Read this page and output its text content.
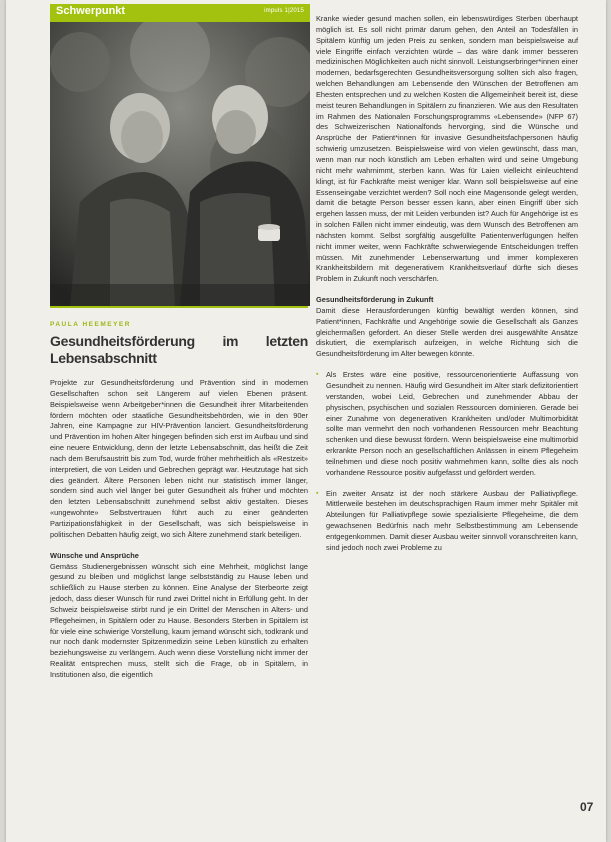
Schwerpunkt	impuls 1|2015
PAULA HEEMEYER
Gesundheitsförderung im letzten Lebensabschnitt

Projekte zur Gesundheitsförderung und Prävention sind in modernen Gesellschaften schon seit Längerem auf vielen Ebenen präsent. Beispielsweise wenn Arbeitgeber*innen die Gesundheit ihrer Mitarbeitenden fördern möchten oder staatliche Gesundheitsbehörden, wie in den 90er Jahren, eine Kampagne zur HIV-Prävention lanciert. Gesundheitsförderung und Prävention im hohen Alter hingegen befinden sich erst im Aufbau und sind eine neuere Entwicklung, denn der letzte Lebensabschnitt, das heißt die Zeit nach dem Berufsaustritt bis zum Tod, wurde früher mehrheitlich als «Restzeit» interpretiert, die von Leiden und Gebrechen geprägt war. Heutzutage hat sich dies geändert. Ältere Personen leben nicht nur statistisch immer länger, sondern sind auch viel länger bei guter Gesundheit als früher und möchten den letzten Lebensabschnitt zunehmend selbst aktiv gestalten. Dieses «ungewohnte» Selbstvertrauen führt auch zu einer geänderten Partizipationsfähigkeit in der Gesellschaft, was sich beispielsweise in politischen Debatten häufig zeigt, wo sich Ältere zunehmend stark beteiligen.

Wünsche und Ansprüche

Gemäss Studienergebnissen wünscht sich eine Mehrheit, möglichst lange gesund zu bleiben und möglichst lange selbstständig zu Hause leben und schließlich zu Hause sterben zu können. Eine Analyse der Sterbeorte zeigt jedoch, dass dieser Wunsch für rund zwei Drittel nicht in Erfüllung geht. In der Schweiz beispielsweise stirbt rund je ein Drittel der Menschen in Alters- und Pflegeheimen, in Spitälern oder zu Hause. Besonders Sterben in Spitälern ist für viele eine schwierige Vorstellung, kaum jemand wünscht sich, todkrank und nur noch dank modernster Spitzenmedizin seine Leben künstlich zu erhalten beziehungsweise zu verlängern. Auch wenn diese Vorstellung nicht immer der Realität entsprechen muss, stellt sich die Frage, ob in Spitälern, in Institutionen also, die eigentlich

Kranke wieder gesund machen sollen, ein lebenswürdiges Sterben überhaupt möglich ist. Es soll nicht primär darum gehen, den Anteil an Todesfällen in Spitälern künftig um jeden Preis zu senken, sondern man beispielsweise auf viele Eingriffe einfach verzichten würde – das wäre dank immer besseren medizinischen Möglichkeiten auch nicht sinnvoll. Leistungserbringer*innen einer modernen, bedarfsgerechten Gesundheitsversorgung sollten sich also fragen, welchen Behandlungen am Lebensende den Wünschen der Betroffenen am Ehesten entsprechen und zu welchen Kosten die Allgemeinheit bereit ist, diese meist teuren Behandlungen in Spitälern zu finanzieren. Wie aus den Resultaten im Rahmen des Nationalen Forschungsprogramms «Lebensende» (NFP 67) des Schweizerischen Nationalfonds hervorging, sind die Wünsche und Ansprüche der Patient*innen für invasive Gesundheitsfachpersonen häufig schwierig umzusetzen. Beispielsweise wird von vielen gewünscht, dass man, wenn man nur noch künstlich am Leben erhalten wird und seine Umgebung nicht mehr wahrnimmt, sterben kann. Was für Laien vielleicht einleuchtend klingt, ist für Fachkräfte meist weniger klar. Wann soll beispielsweise auf eine Essenseingabe verzichtet werden? Soll noch eine Magensonde gelegt werden, damit die betagte Person besser essen kann, aber einen Eingriff über sich ergehen lassen muss, der mit Leiden verbunden ist? Auch für Angehörige ist es in solchen Fällen nicht immer eindeutig, was dem Wunsch des Betroffenen am nächsten kommt. Selbst sorgfältig ausgefüllte Patientenverfügungen helfen nicht immer weiter, wenn Fachkräfte schwerwiegende Entscheidungen treffen müssen. Mit zunehmender Lebenserwartung und immer komplexeren Krankheitsbildern mit degenerativem Krankheitsverlauf dürfte sich dieses Problem in Zukunft noch verschärfen.

Gesundheitsförderung in Zukunft

Damit diese Herausforderungen künftig bewältigt werden können, sind Patient*innen, Fachkräfte und Angehörige sowie die Gesellschaft als Ganzes gleichermaßen gefordert. An dieser Stelle werden drei ausgewählte Ansätze diskutiert, die exemplarisch aufzeigen, in welche Richtung sich die Gesundheitsförderung im Alter bewegen könnte.

▪ Als Erstes wäre eine positive, ressourcenorientierte Auffassung von Gesundheit zu nennen. Häufig wird Gesundheit im Alter stark defizitorientiert verstanden, wobei Leid, Gebrechen und zunehmender Abbau der physischen, psychischen und sozialen Ressourcen dominieren. Gerade bei einer Zunahme von degenerativen Krankheiten und/oder Multimorbidität sollte man vermehrt den noch vorhandenen Ressourcen mehr Beachtung schenken und diese bewusst fördern. Wenn beispielsweise eine multimorbid erkrankte Person noch an gesellschaftlichen Anlässen in einem Pflegeheim teilnehmen und diese noch positiv wahrnehmen kann, sollte dies als noch vorhandene Ressource positiv aufgefasst und gefördert werden.
▪ Ein zweiter Ansatz ist der noch stärkere Ausbau der Palliativpflege. Mittlerweile bestehen im deutschsprachigen Raum immer mehr Spitäler mit Abteilungen für Palliativpflege sowie spezialisierte Pflegeheime, die dem gewachsenen Bedürfnis nach mehr Selbstbestimmung am Lebensende entgegenkommen. Damit dieser Ausbau weiter sinnvoll voranschreiten kann, sind jedoch noch zwei Probleme zu
07
